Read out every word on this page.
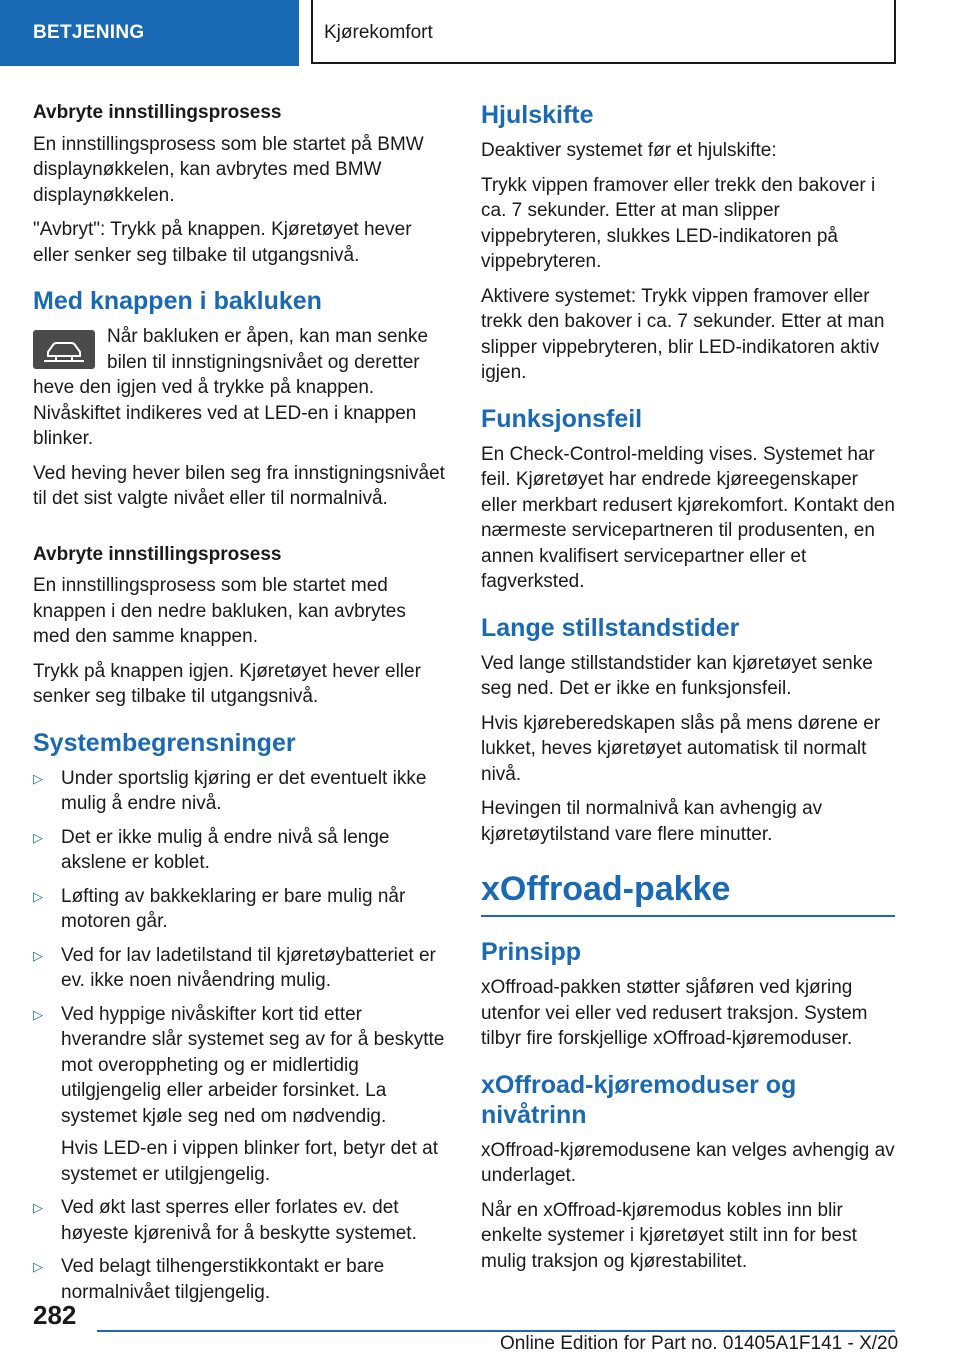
BETJENING	Kjørekomfort
Avbryte innstillingsprosess

En innstillingsprosess som ble startet på BMW displaynøkkelen, kan avbrytes med BMW displaynøkkelen.

"Avbryt": Trykk på knappen. Kjøretøyet hever eller senker seg tilbake til utgangsnivå.

Med knappen i bakluken

Når bakluken er åpen, kan man senke bilen til innstigningsnivået og deretter heve den igjen ved å trykke på knappen. Nivåskiftet indikeres ved at LED-en i knappen blinker.

Ved heving hever bilen seg fra innstigningsnivået til det sist valgte nivået eller til normalnivå.

Avbryte innstillingsprosess

En innstillingsprosess som ble startet med knappen i den nedre bakluken, kan avbrytes med den samme knappen.

Trykk på knappen igjen. Kjøretøyet hever eller senker seg tilbake til utgangsnivå.

Systembegrensninger
▷ Under sportslig kjøring er det eventuelt ikke mulig å endre nivå.
▷ Det er ikke mulig å endre nivå så lenge akslene er koblet.
▷ Løfting av bakkeklaring er bare mulig når motoren går.
▷ Ved for lav ladetilstand til kjøretøybatteriet er ev. ikke noen nivåendring mulig.
▷ Ved hyppige nivåskifter kort tid etter hverandre slår systemet seg av for å beskytte mot overoppheting og er midlertidig utilgjengelig eller arbeider forsinket. La systemet kjøle seg ned om nødvendig.
Hvis LED-en i vippen blinker fort, betyr det at systemet er utilgjengelig.
▷ Ved økt last sperres eller forlates ev. det høyeste kjørenivå for å beskytte systemet.
▷ Ved belagt tilhengerstikkontakt er bare normalnivået tilgjengelig.
Hjulskifte

Deaktiver systemet før et hjulskifte:

Trykk vippen framover eller trekk den bakover i ca. 7 sekunder. Etter at man slipper vippebryteren, slukkes LED-indikatoren på vippebryteren.

Aktivere systemet: Trykk vippen framover eller trekk den bakover i ca. 7 sekunder. Etter at man slipper vippebryteren, blir LED-indikatoren aktiv igjen.

Funksjonsfeil

En Check-Control-melding vises. Systemet har feil. Kjøretøyet har endrede kjøreegenskaper eller merkbart redusert kjørekomfort. Kontakt den nærmeste servicepartneren til produsenten, en annen kvalifisert servicepartner eller et fagverksted.

Lange stillstandstider

Ved lange stillstandstider kan kjøretøyet senke seg ned. Det er ikke en funksjonsfeil.

Hvis kjøreberedskapen slås på mens dørene er lukket, heves kjøretøyet automatisk til normalt nivå.

Hevingen til normalnivå kan avhengig av kjøretøytilstand vare flere minutter.

xOffroad-pakke
Prinsipp

xOffroad-pakken støtter sjåføren ved kjøring utenfor vei eller ved redusert traksjon. System tilbyr fire forskjellige xOffroad-kjøremoduser.

xOffroad-kjøremoduser og nivåtrinn

xOffroad-kjøremodusene kan velges avhengig av underlaget.

Når en xOffroad-kjøremodus kobles inn blir enkelte systemer i kjøretøyet stilt inn for best mulig traksjon og kjørestabilitet.

282
Online Edition for Part no. 01405A1F141 - X/20
